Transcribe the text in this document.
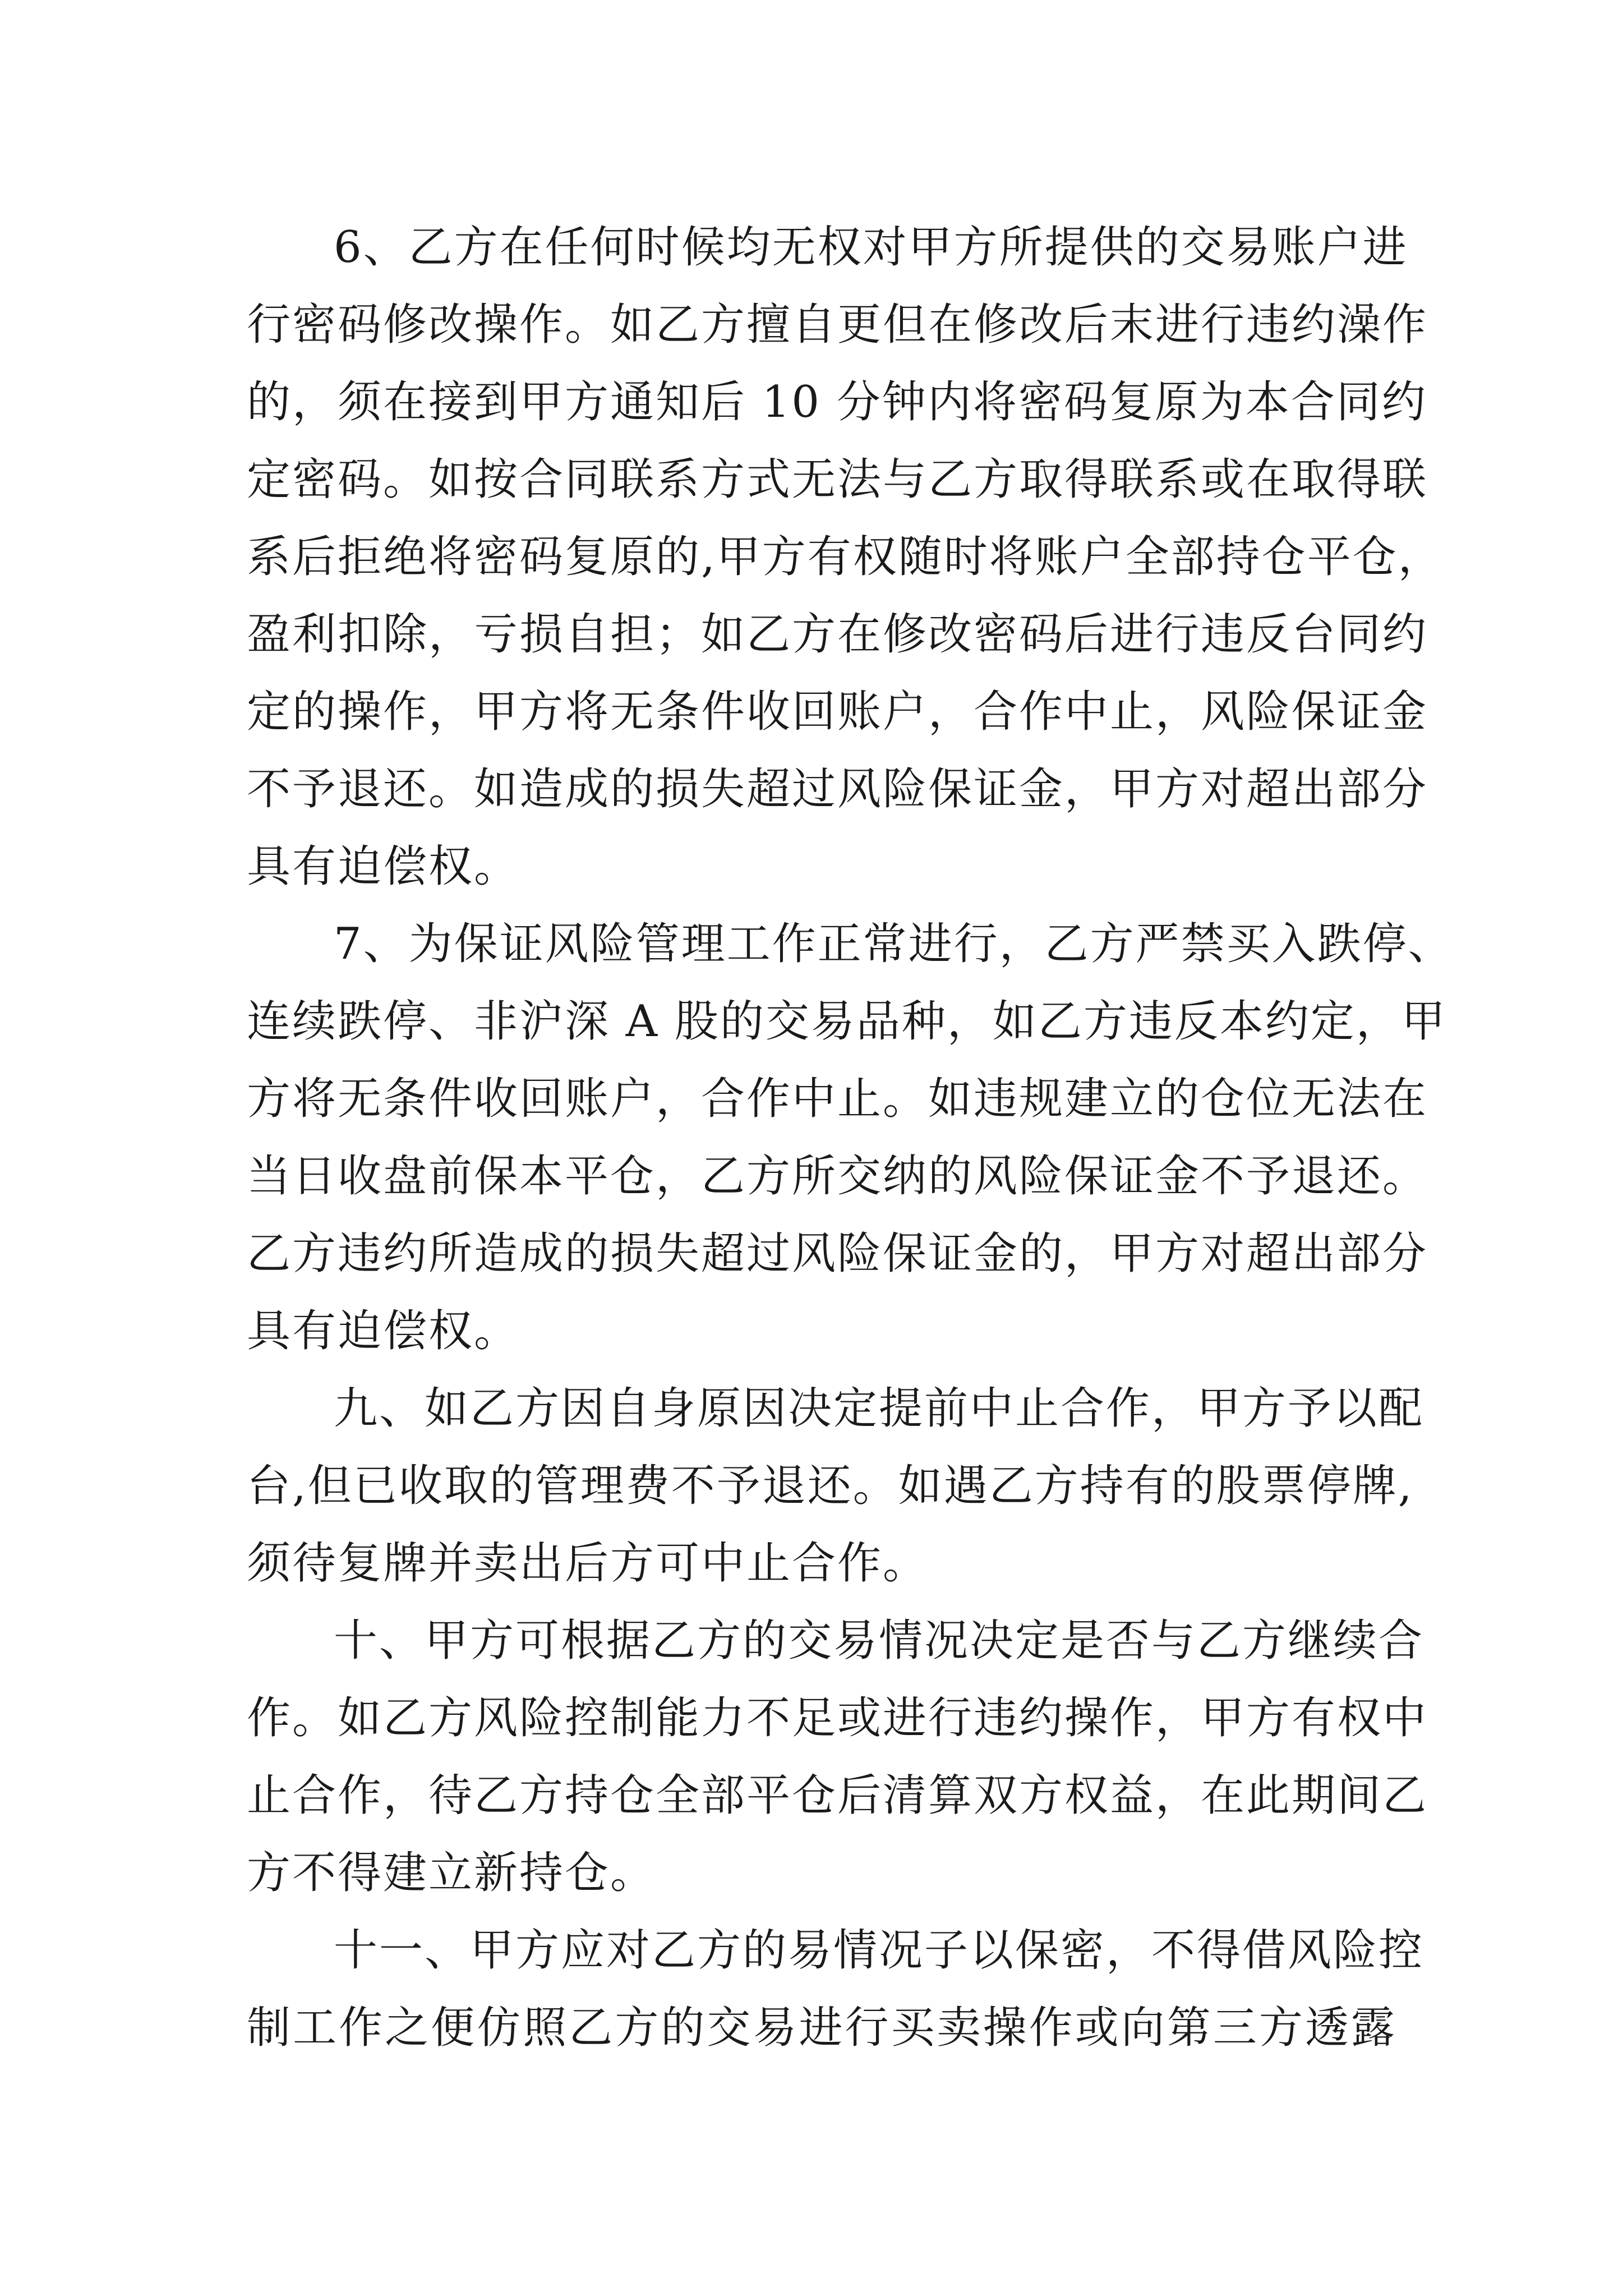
6、乙方在任何时候均无权对甲方所提供的交易账户进
行密码修改操作。如乙方擅自更但在修改后末进行违约澡作
的，须在接到甲方通知后 10 分钟内将密码复原为本合同约
定密码。如按合同联系方式无法与乙方取得联系或在取得联
系后拒绝将密码复原的,甲方有权随时将账户全部持仓平仓，
盈利扣除，亏损自担；如乙方在修改密码后进行违反台同约
定的操作，甲方将无条件收回账户，合作中止，风险保证金
不予退还。如造成的损失超过风险保证金，甲方对超出部分
具有迫偿权。
7、为保证风险管理工作正常进行，乙方严禁买入跌停、
连续跌停、非沪深 A 股的交易品种，如乙方违反本约定，甲
方将无条件收回账户，合作中止。如违规建立的仓位无法在
当日收盘前保本平仓，乙方所交纳的风险保证金不予退还。
乙方违约所造成的损失超过风险保证金的，甲方对超出部分
具有迫偿权。
九、如乙方因自身原因决定提前中止合作，甲方予以配
台,但已收取的管理费不予退还。如遇乙方持有的股票停牌,
须待复牌并卖出后方可中止合作。
十、甲方可根据乙方的交易情况决定是否与乙方继续合
作。如乙方风险控制能力不足或进行违约操作，甲方有权中
止合作，待乙方持仓全部平仓后清算双方权益，在此期间乙
方不得建立新持仓。
十一、甲方应对乙方的易情况子以保密，不得借风险控
制工作之便仿照乙方的交易进行买卖操作或向第三方透露
